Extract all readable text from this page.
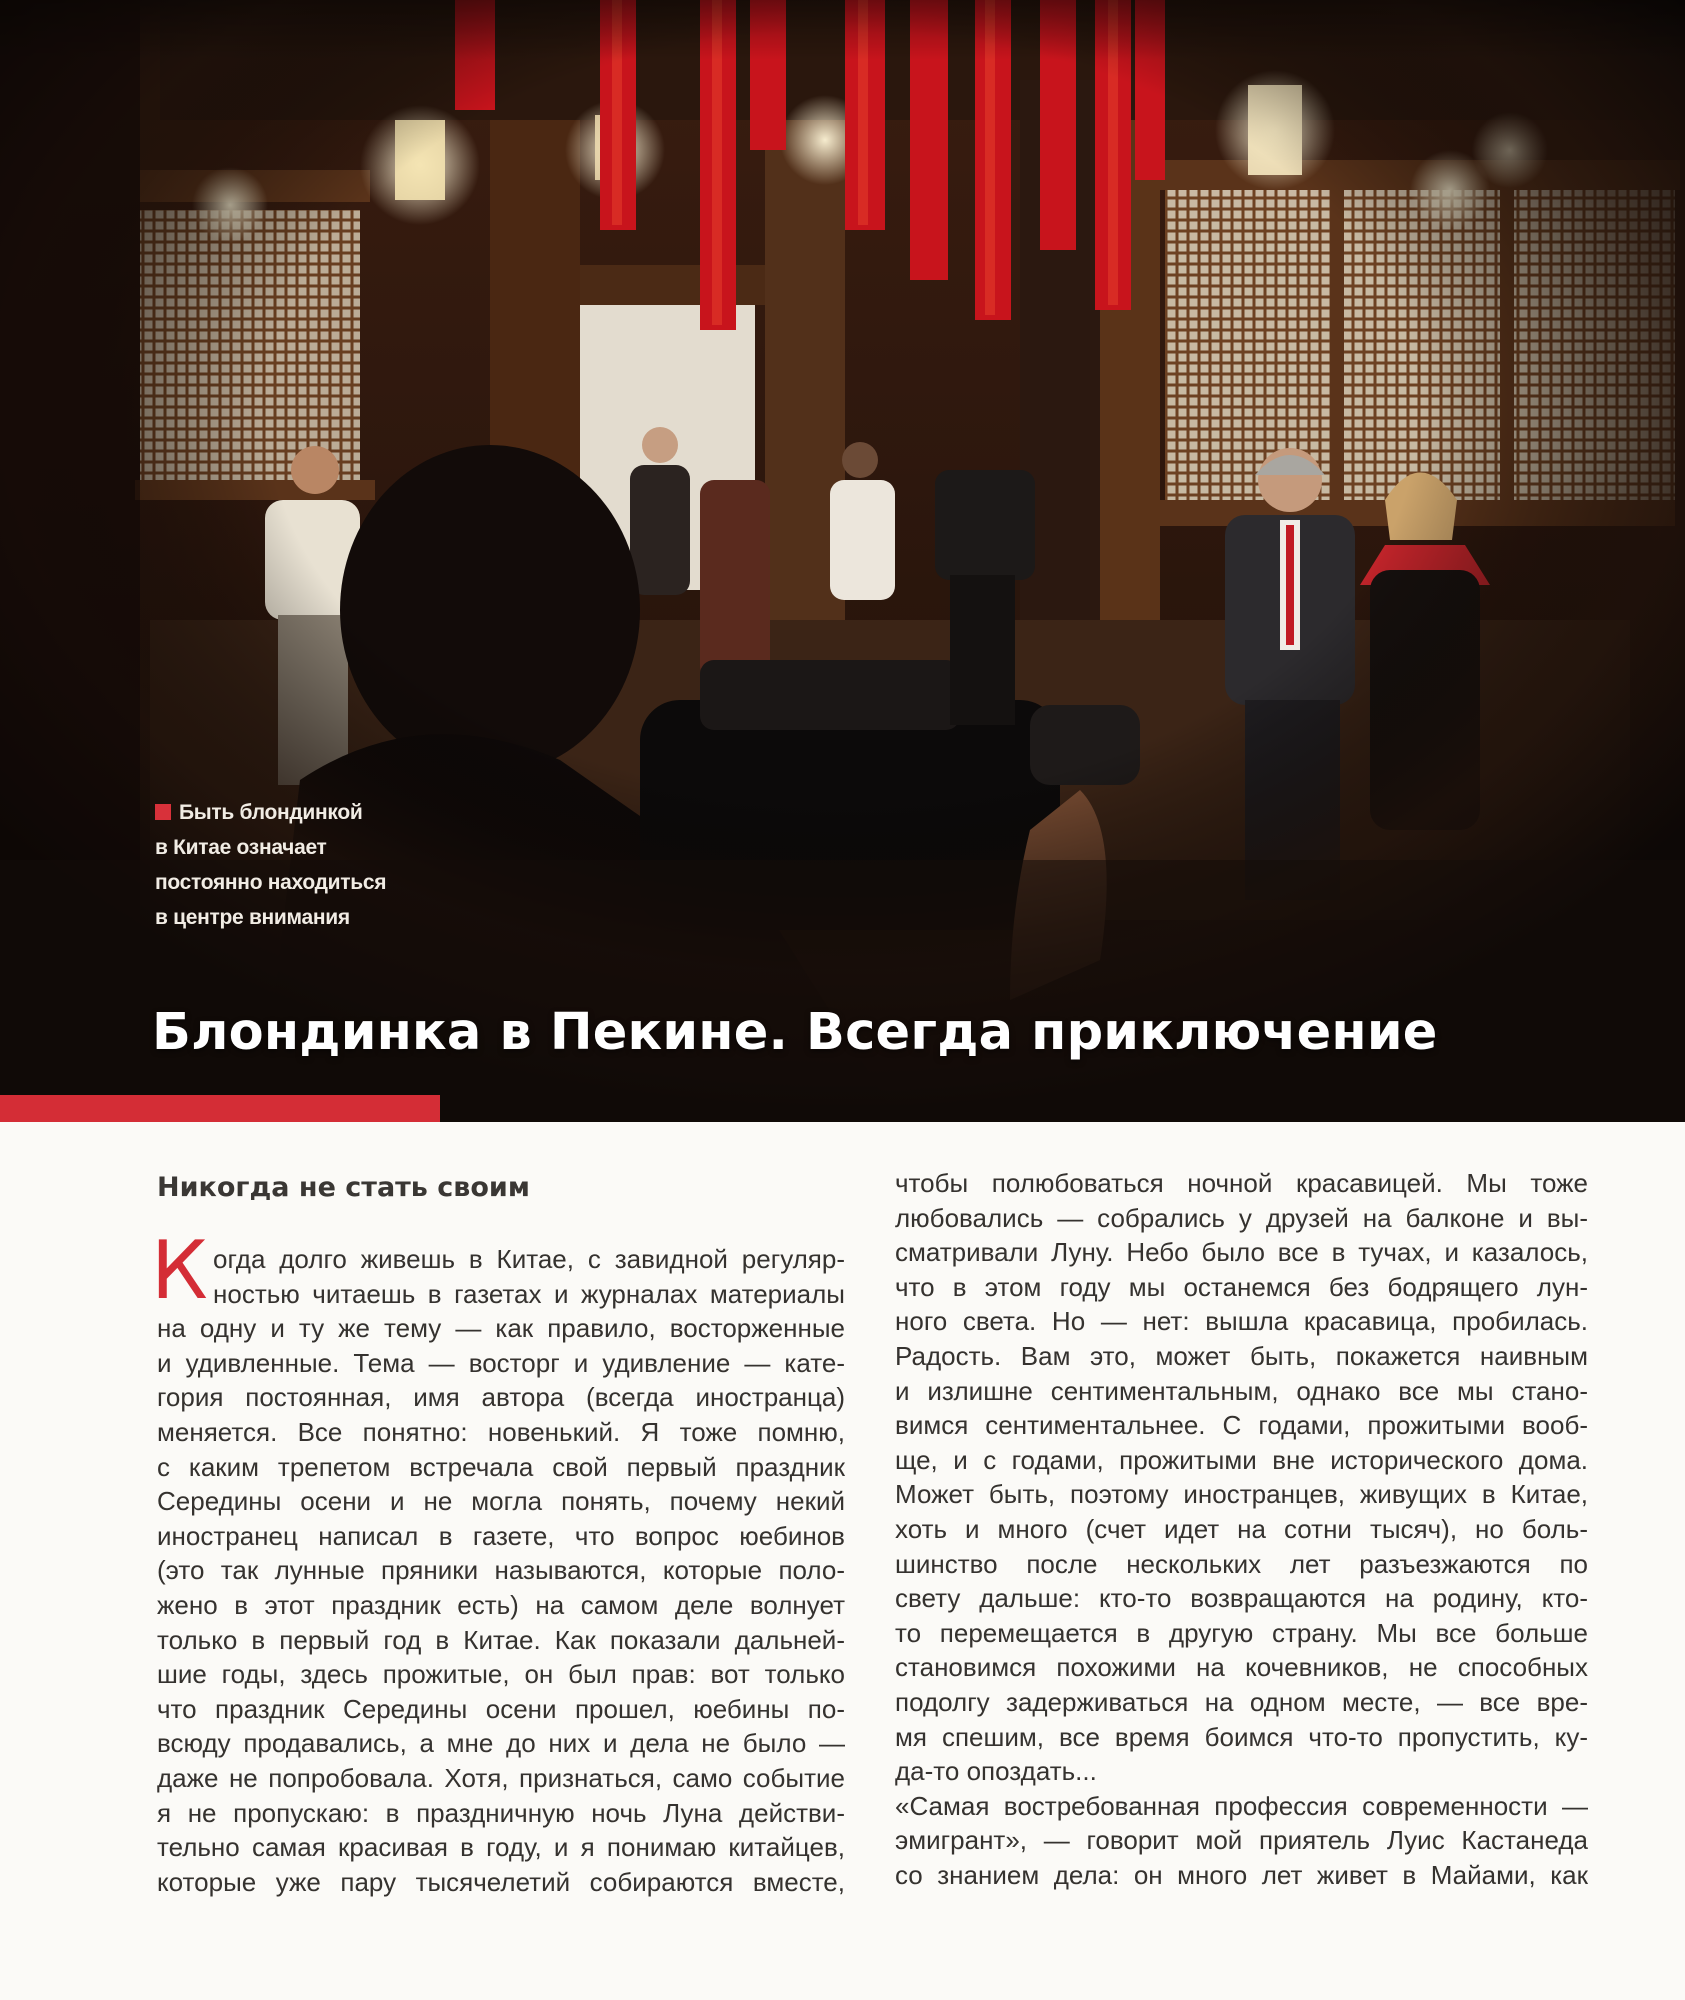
Быть блондинкой
в Китае означает
постоянно находиться
в центре внимания
Блондинка в Пекине. Всегда приключение
Никогда не стать своим
К огда долго живешь в Китае, с завидной регуляр-
ностью читаешь в газетах и журналах материалы
на одну и ту же тему — как правило, восторженные
и удивленные. Тема — восторг и удивление — кате-
гория постоянная, имя автора (всегда иностранца)
меняется. Все понятно: новенький. Я тоже помню,
с каким трепетом встречала свой первый праздник
Середины осени и не могла понять, почему некий
иностранец написал в газете, что вопрос юебинов
(это так лунные пряники называются, которые поло-
жено в этот праздник есть) на самом деле волнует
только в первый год в Китае. Как показали дальней-
шие годы, здесь прожитые, он был прав: вот только
что праздник Середины осени прошел, юебины по-
всюду продавались, а мне до них и дела не было —
даже не попробовала. Хотя, признаться, само событие
я не пропускаю: в праздничную ночь Луна действи-
тельно самая красивая в году, и я понимаю китайцев,
которые уже пару тысячелетий собираются вместе,
чтобы полюбоваться ночной красавицей. Мы тоже
любовались — собрались у друзей на балконе и вы-
сматривали Луну. Небо было все в тучах, и казалось,
что в этом году мы останемся без бодрящего лун-
ного света. Но — нет: вышла красавица, пробилась.
Радость. Вам это, может быть, покажется наивным
и излишне сентиментальным, однако все мы стано-
вимся сентиментальнее. С годами, прожитыми вооб-
ще, и с годами, прожитыми вне исторического дома.
Может быть, поэтому иностранцев, живущих в Китае,
хоть и много (счет идет на сотни тысяч), но боль-
шинство после нескольких лет разъезжаются по
свету дальше: кто-то возвращаются на родину, кто-
то перемещается в другую страну. Мы все больше
становимся похожими на кочевников, не способных
подолгу задерживаться на одном месте, — все вре-
мя спешим, все время боимся что-то пропустить, ку-
да-то опоздать...
«Самая востребованная профессия современности —
эмигрант», — говорит мой приятель Луис Кастанеда
со знанием дела: он много лет живет в Майами, как
